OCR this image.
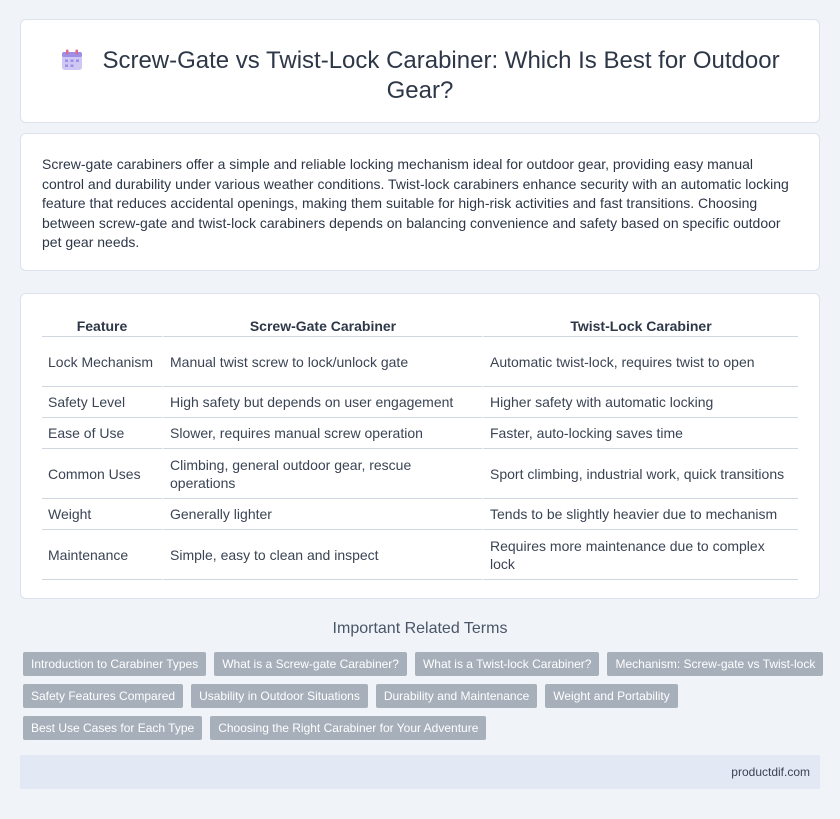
Screw-Gate vs Twist-Lock Carabiner: Which Is Best for Outdoor Gear?

Screw-gate carabiners offer a simple and reliable locking mechanism ideal for outdoor gear, providing easy manual control and durability under various weather conditions. Twist-lock carabiners enhance security with an automatic locking feature that reduces accidental openings, making them suitable for high-risk activities and fast transitions. Choosing between screw-gate and twist-lock carabiners depends on balancing convenience and safety based on specific outdoor pet gear needs.

Feature	Screw-Gate Carabiner	Twist-Lock Carabiner
Lock Mechanism	Manual twist screw to lock/unlock gate	Automatic twist-lock, requires twist to open
Safety Level	High safety but depends on user engagement	Higher safety with automatic locking
Ease of Use	Slower, requires manual screw operation	Faster, auto-locking saves time
Common Uses	Climbing, general outdoor gear, rescue operations	Sport climbing, industrial work, quick transitions
Weight	Generally lighter	Tends to be slightly heavier due to mechanism
Maintenance	Simple, easy to clean and inspect	Requires more maintenance due to complex lock
Important Related Terms
Introduction to Carabiner Types	What is a Screw-gate Carabiner?	What is a Twist-lock Carabiner?	Mechanism: Screw-gate vs Twist-lock
Safety Features Compared	Usability in Outdoor Situations	Durability and Maintenance	Weight and Portability
Best Use Cases for Each Type	Choosing the Right Carabiner for Your Adventure
productdif.com
